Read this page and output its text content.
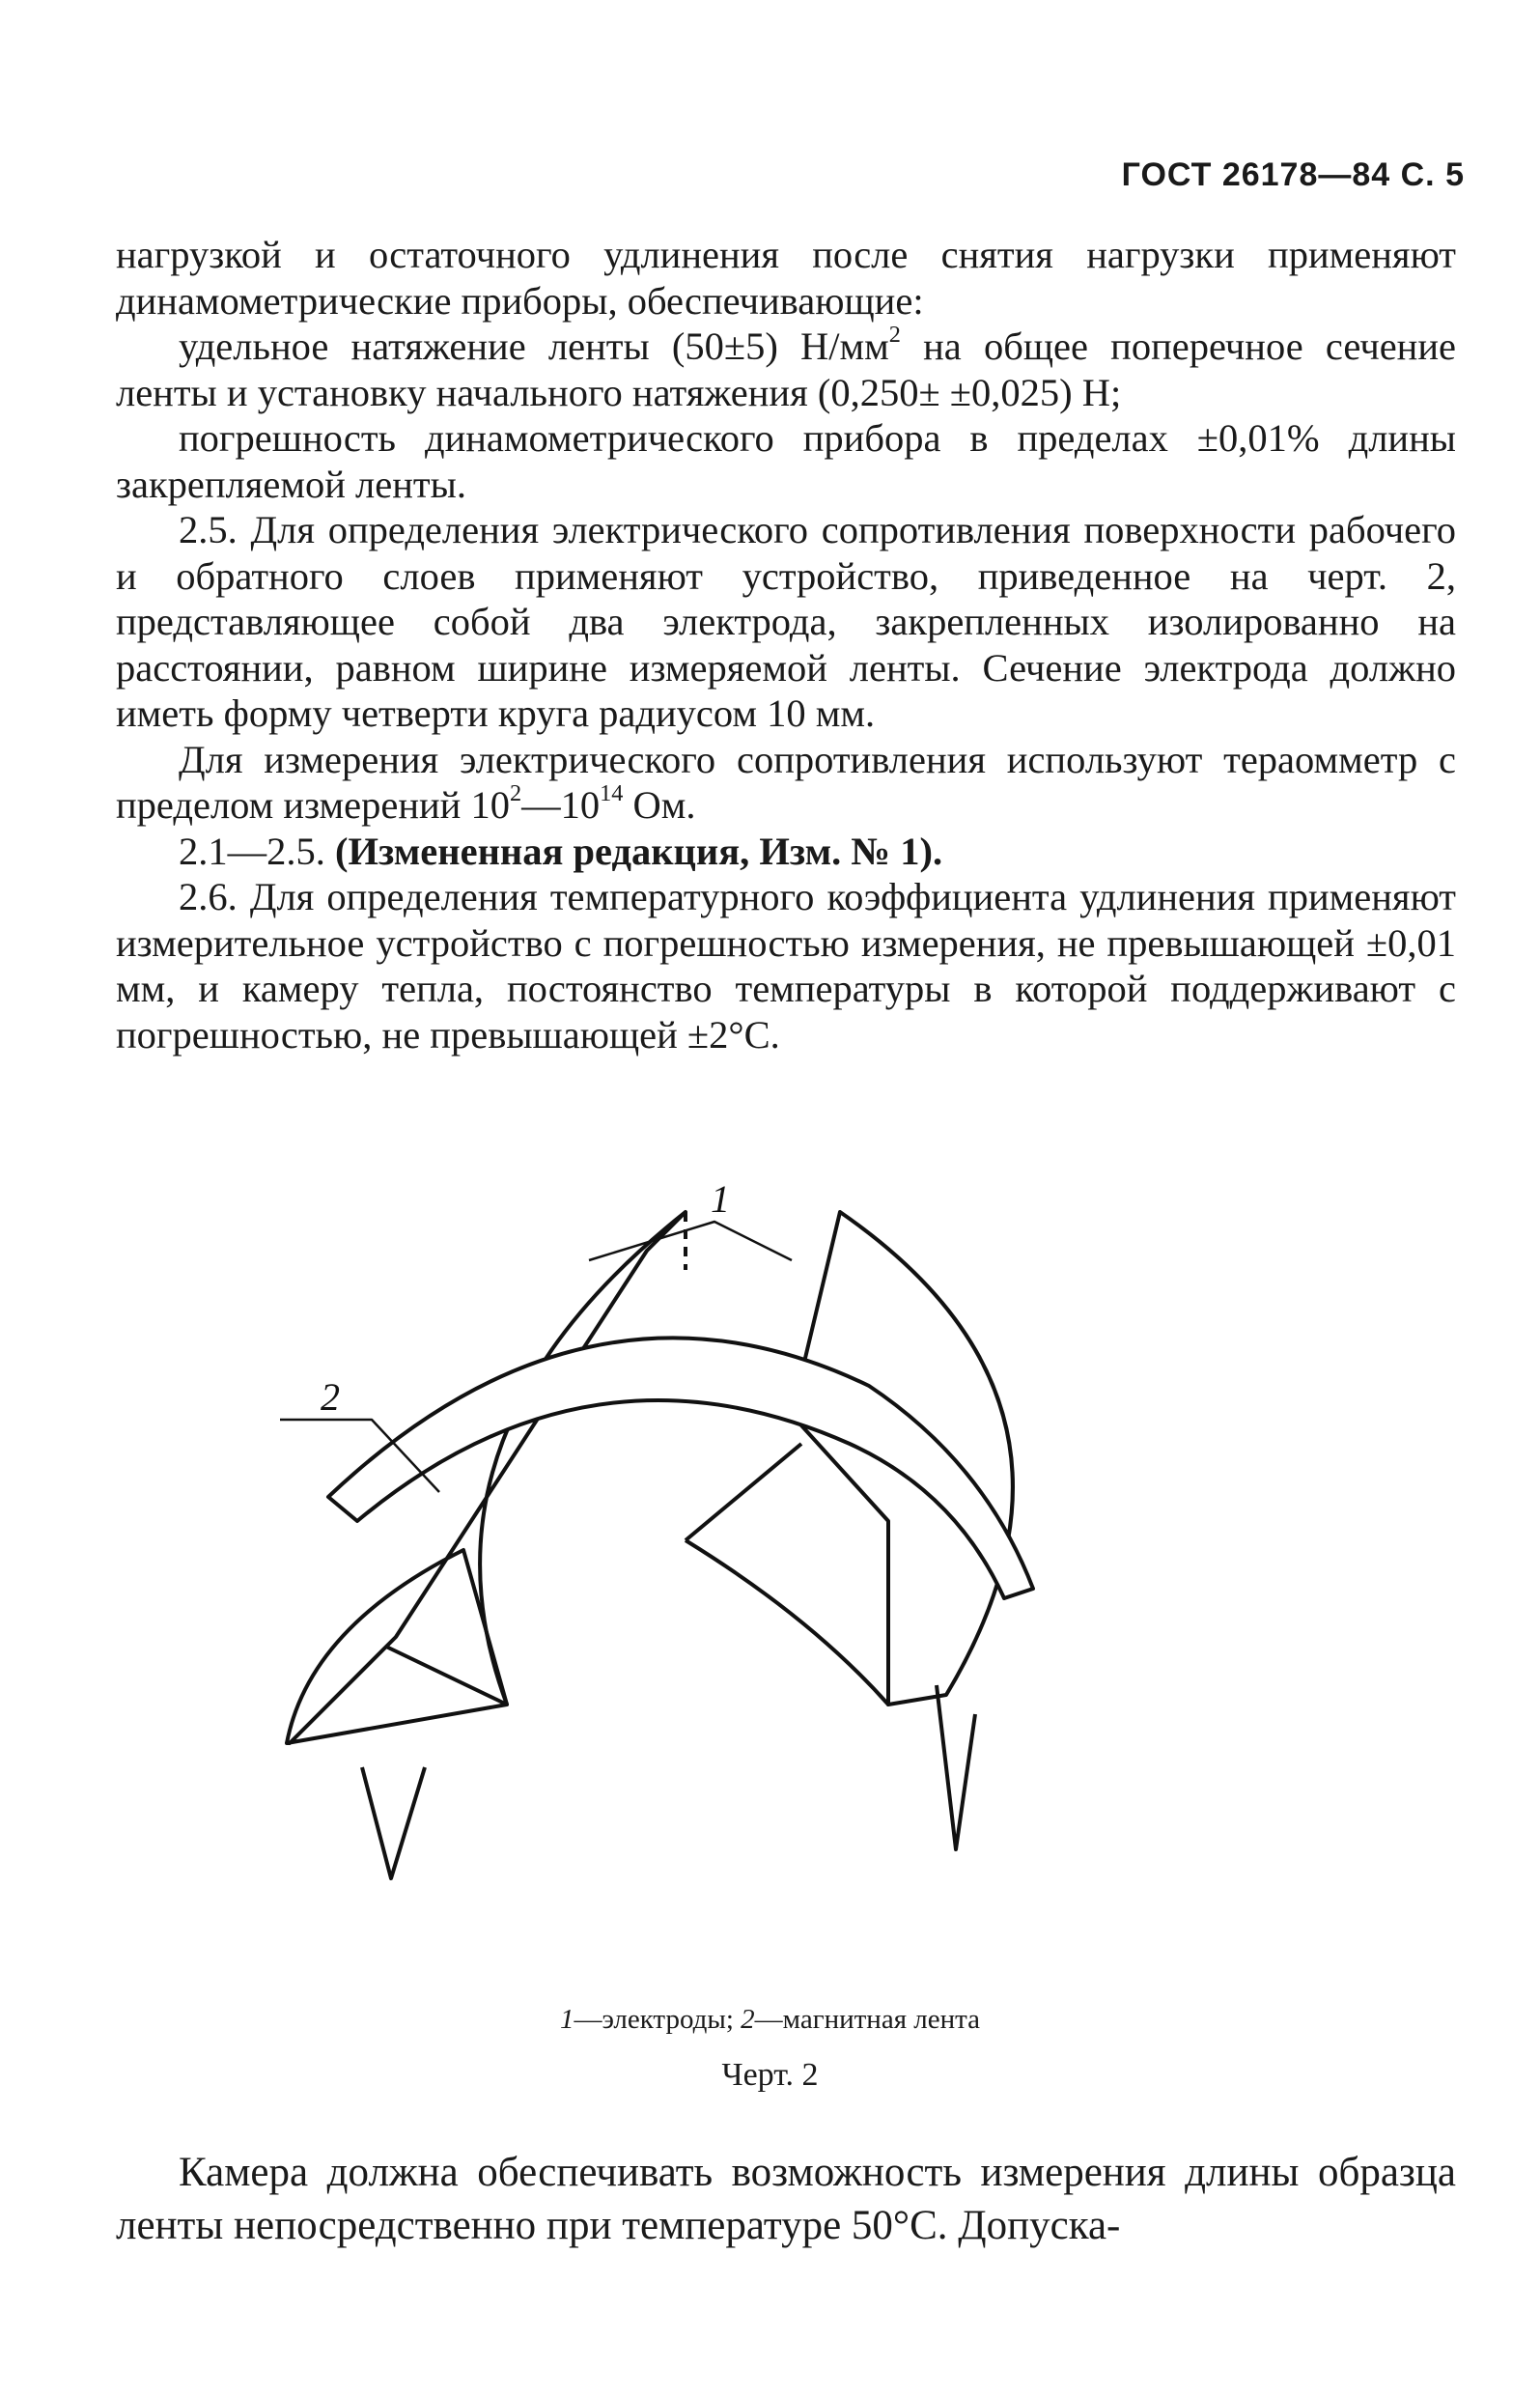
ГОСТ 26178—84 С. 5

нагрузкой и остаточного удлинения после снятия нагрузки применяют динамометрические приборы, обеспечивающие:

удельное натяжение ленты (50±5) $Н/мм^2$ на общее поперечное сечение ленты и установку начального натяжения (0,250± ±0,025) Н;

погрешность динамометрического прибора в пределах ±0,01% длины закрепляемой ленты.

2.5. Для определения электрического сопротивления поверхности рабочего и обратного слоев применяют устройство, приведенное на черт. 2, представляющее собой два электрода, закрепленных изолированно на расстоянии, равном ширине измеряемой ленты. Сечение электрода должно иметь форму четверти круга радиусом 10 мм.

Для измерения электрического сопротивления используют тераомметр с пределом измерений $10^2—10^{14}$ Ом.

2.1—2.5. (Измененная редакция, Изм. № 1).

2.6. Для определения температурного коэффициента удлинения применяют измерительное устройство с погрешностью измерения, не превышающей ±0,01 мм, и камеру тепла, постоянство температуры в которой поддерживают с погрешностью, не превышающей ±2°С.

1
2
1—электроды; 2—магнитная лента
Черт. 2

Камера должна обеспечивать возможность измерения длины образца ленты непосредственно при температуре 50°С. Допуска-
